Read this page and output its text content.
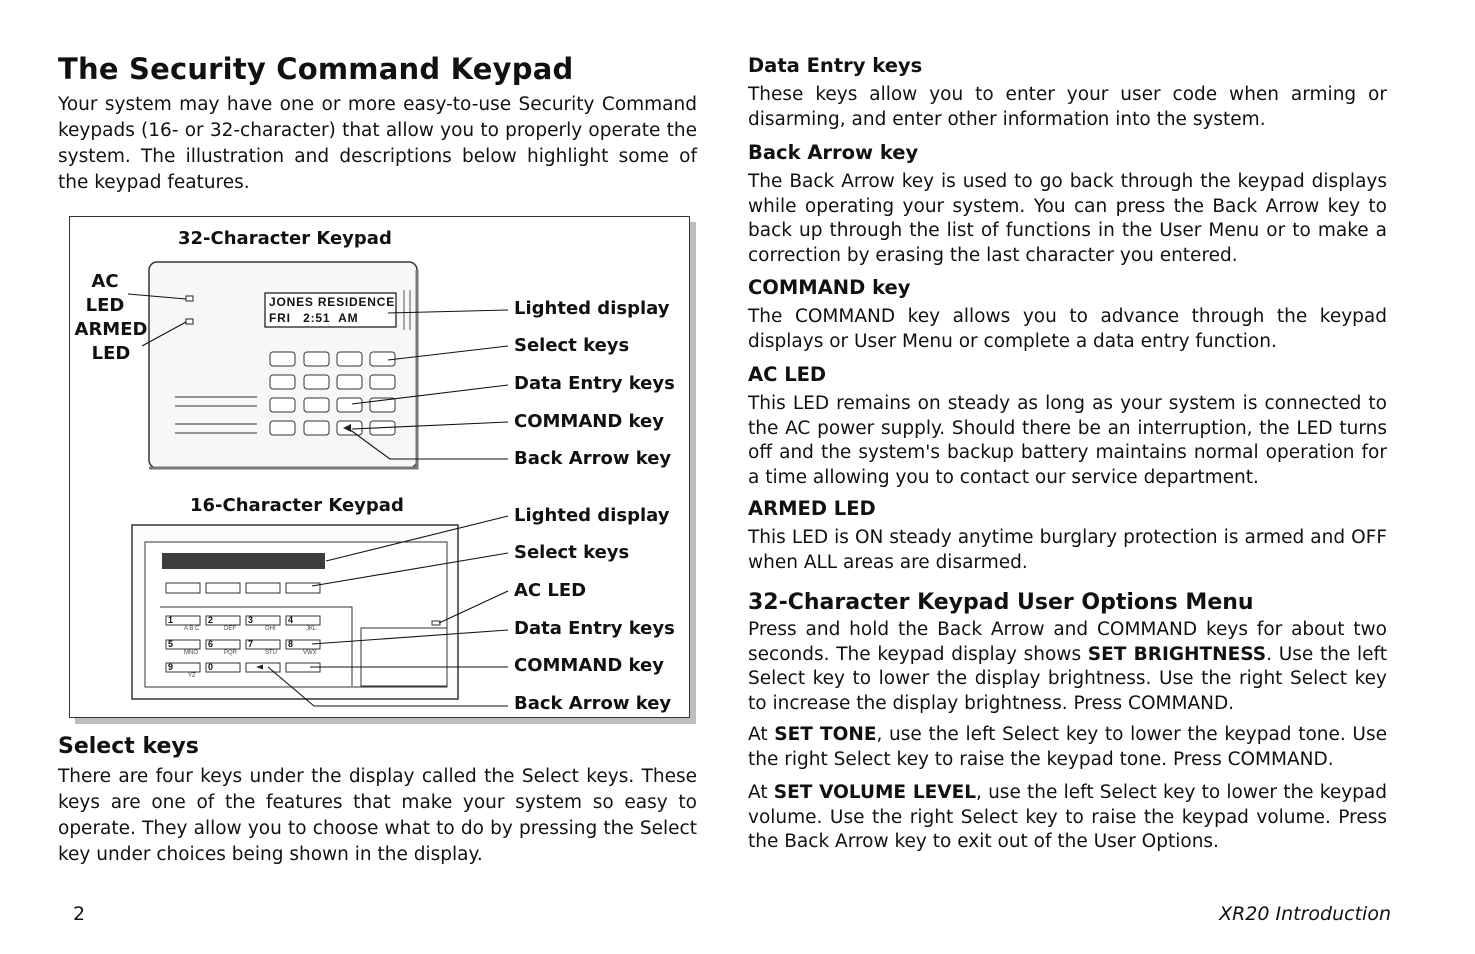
The Security Command Keypad
Your system may have one or more easy-to-use Security Command keypads (16- or 32-character) that allow you to properly operate the system. The illustration and descriptions below highlight some of the keypad features.
JONES RESIDENCE
FRI   2:51  AM
1	2	3	4
5	6	7	8
9	0
A B C	DEF	GHI	JKL
MNO	PQR	STU	VWX
YZ
32-Character Keypad
16-Character Keypad
AC
LED
ARMED
LED
Lighted display
Select keys
Data Entry keys
COMMAND key
Back Arrow key
Lighted display
Select keys
AC LED
Data Entry keys
COMMAND key
Back Arrow key
Select keys
There are four keys under the display called the Select keys. These keys are one of the features that make your system so easy to operate. They allow you to choose what to do by pressing the Select key under choices being shown in the display.
Data Entry keys
These keys allow you to enter your user code when arming or disarming, and enter other information into the system.
Back Arrow key
The Back Arrow key is used to go back through the keypad displays while operating your system. You can press the Back Arrow key to back up through the list of functions in the User Menu or to make a correction by erasing the last character you entered.
COMMAND key
The COMMAND key allows you to advance through the keypad displays or User Menu or complete a data entry function.
AC LED
This LED remains on steady as long as your system is connected to the AC power supply. Should there be an interruption, the LED turns off and the system's backup battery maintains normal operation for a time allowing you to contact our service department.
ARMED LED
This LED is ON steady anytime burglary protection is armed and OFF when ALL areas are disarmed.
32-Character Keypad User Options Menu
Press and hold the Back Arrow and COMMAND keys for about two seconds. The keypad display shows SET BRIGHTNESS. Use the left Select key to lower the display brightness. Use the right Select key to increase the display brightness. Press COMMAND.
At SET TONE, use the left Select key to lower the keypad tone. Use the right Select key to raise the keypad tone. Press COMMAND.
At SET VOLUME LEVEL, use the left Select key to lower the keypad volume. Use the right Select key to raise the keypad volume. Press the Back Arrow key to exit out of the User Options.
2	XR20 Introduction
